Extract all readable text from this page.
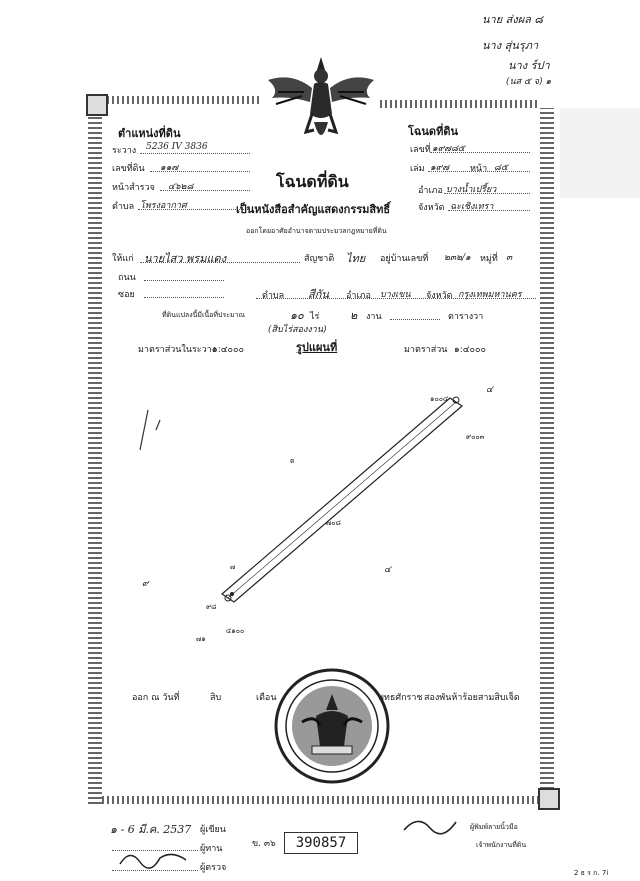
นาย ส่งผล ๘
นาง สุ่นรุภา
นาง ร์ปา
(นส ๕ จ) ๑
ตำแหน่งที่ดิน
ระวาง 5236 IV 3836
เลขที่ดิน ๑๑๗
หน้าสำรวจ ๔๖๒๘
ตำบล โพรงอากาศ
โฉนดที่ดิน
เลขที่ ๑๙๗๘๕
เล่ม ๑๙๗ หน้า ๘๕
อำเภอ บางน้ำเปรี้ยว
จังหวัด ฉะเชิงเทรา
โฉนดที่ดิน
เป็นหนังสือสำคัญแสดงกรรมสิทธิ์
ออกโดยอาศัยอำนาจตามประมวลกฎหมายที่ดิน
ให้แก่ นายไสว พรมแดง	สัญชาติ ไทย อยู่บ้านเลขที่ ๒๓๒/๑ หมู่ที่ ๓
ถนน
ซอย	ตำบล สีกัน อำเภอ บางเขน จังหวัด กรุงเทพมหานคร
ที่ดินแปลงนี้มีเนื้อที่ประมาณ	๑๐ ไร่	๒ งาน	ตารางวา
(สิบไร่สองงาน)
มาตราส่วนในระวาง
๑:๔๐๐๐	รูปแผนที่	มาตราส่วน ๑:๔๐๐๐
๔
๔
๑๐๐๔
๙๐๐๓
ต
๗๐๘
๗
๙
๙๘
๗๑
๔๑๐๐
ออก ณ วันที่	สิบ	เดือน	พุทธศักราช สองพันห้าร้อยสามสิบเจ็ด
๑ - 6 มี.ค. 2537 ผู้เขียน
ผู้ทาน
ผู้ตรวจ
ข. ๓๖	390857
ผู้พิมพ์ลายนิ้วมือ
เจ้าพนักงานที่ดิน
2 ธ ร ก. 7i
